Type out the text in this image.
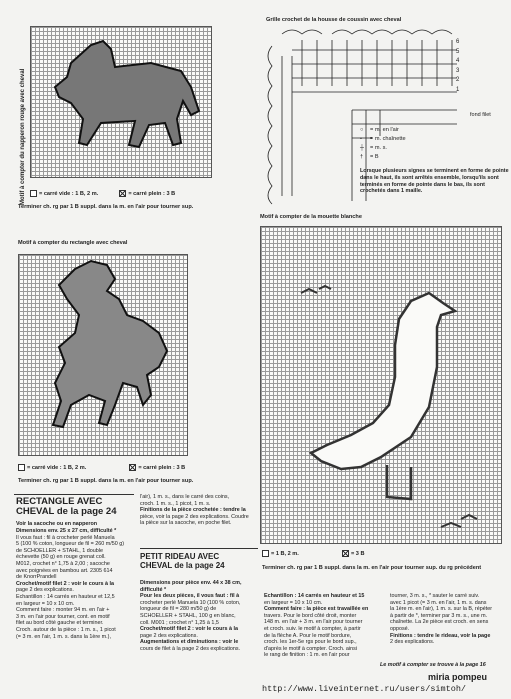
Motif à compter du napperon rouge avec cheval	= carré vide : 1 B, 2 m.	= carré plein : 3 B
Terminer ch. rg par 1 B suppl. dans la m. en l'air pour tourner sup.
Grille crochet de la housse de coussin avec cheval
6
5
4
3
2
1
fond filet
○ = m. en l'air
• = m. chaînette
┼ = m. s.
† = B
Lorsque plusieurs signes se terminent en forme de pointe dans le haut, ils sont arrêtés ensemble, lorsqu'ils sont terminés en forme de pointe dans le bas, ils sont crochetés dans 1 maille.
Motif à compter du rectangle avec cheval
= carré vide : 1 B, 2 m.	= carré plein : 3 B
Terminer ch. rg par 1 B suppl. dans la m. en l'air pour tourner sup.
Motif à compter de la mouette blanche
= 1 B, 2 m.	= 3 B
Terminer ch. rg par 1 B suppl. dans la m. en l'air pour tourner sup. du rg précédent
RECTANGLE AVEC CHEVAL de la page 24
Voir la sacoche ou en napperon
Dimensions env. 25 x 27 cm, difficulté *
Il vous faut : fil à crocheter perlé Manuela
5 (100 % coton, longueur de fil = 260 m/50 g)
de SCHOELLER + STAHL, 1 double
échevette (50 g) en rouge grenat coll.
M012, crochet n° 1,75 à 2,00 ; sacoche
avec poignées en bambou art. 2305 614
de KnorrPrandell
Crochet/motif filet 2 : voir le cours à la
page 2 des explications.
Echantillon : 14 carrés en hauteur et 12,5
en largeur = 10 x 10 cm.
Comment faire : monter 94 m. en l'air +
3 m. en l'air pour tourner, cont. en motif
filet au bord côté gauche et terminer.
Croch. autour de la pièce : 1 m. s., 1 picot
(= 3 m. en l'air, 1 m. s. dans la 1ère m.),
l'air), 1 m. s., dans le carré des coins,
croch. 1 m. s., 1 picot, 1 m. s.
Finitions de la pièce crochetée : tendre la
pièce, voir la page 2 des explications. Coudre
la pièce sur la sacoche, en poche filet.
PETIT RIDEAU AVEC CHEVAL de la page 24
Dimensions pour pièce env. 44 x 38 cm,
difficulté *
Pour les deux pièces, il vous faut : fil à
crocheter perlé Manuela 10 (100 % coton,
longueur de fil = 280 m/50 g) de
SCHOELLER + STAHL, 100 g en blanc,
coll. M001 ; crochet n° 1,25 à 1,5
Crochet/motif filet 2 : voir le cours à la
page 2 des explications.
Augmentations et diminutions : voir le
cours de filet à la page 2 des explications.
Echantillon : 14 carrés en hauteur et 15
en largeur = 10 x 10 cm.
Comment faire : la pièce est travaillée en
travers. Pour le bord côté droit, monter
148 m. en l'air + 3 m. en l'air pour tourner
et croch. suiv. le motif à compter, à partir
de la flèche A. Pour le motif bordure,
croch. les 1er-5e rgs pour le bord sup.,
d'après le motif à compter. Croch. ainsi
le rang de finition : 1 m. en l'air pour
tourner, 3 m. s., * sauter le carré suiv.
avec 1 picot (= 3 m. en l'air, 1 m. s. dans
la 1ère m. en l'air), 1 m. s. sur la B, répéter
à partir de *, terminer par 3 m. s., une m.
chaînette. La 2e pièce est croch. en sens
opposé.
Finitions : tendre le rideau, voir la page
2 des explications.
Le motif à compter se trouve à la page 16
miria pompeu
http://www.liveinternet.ru/users/simtoh/
